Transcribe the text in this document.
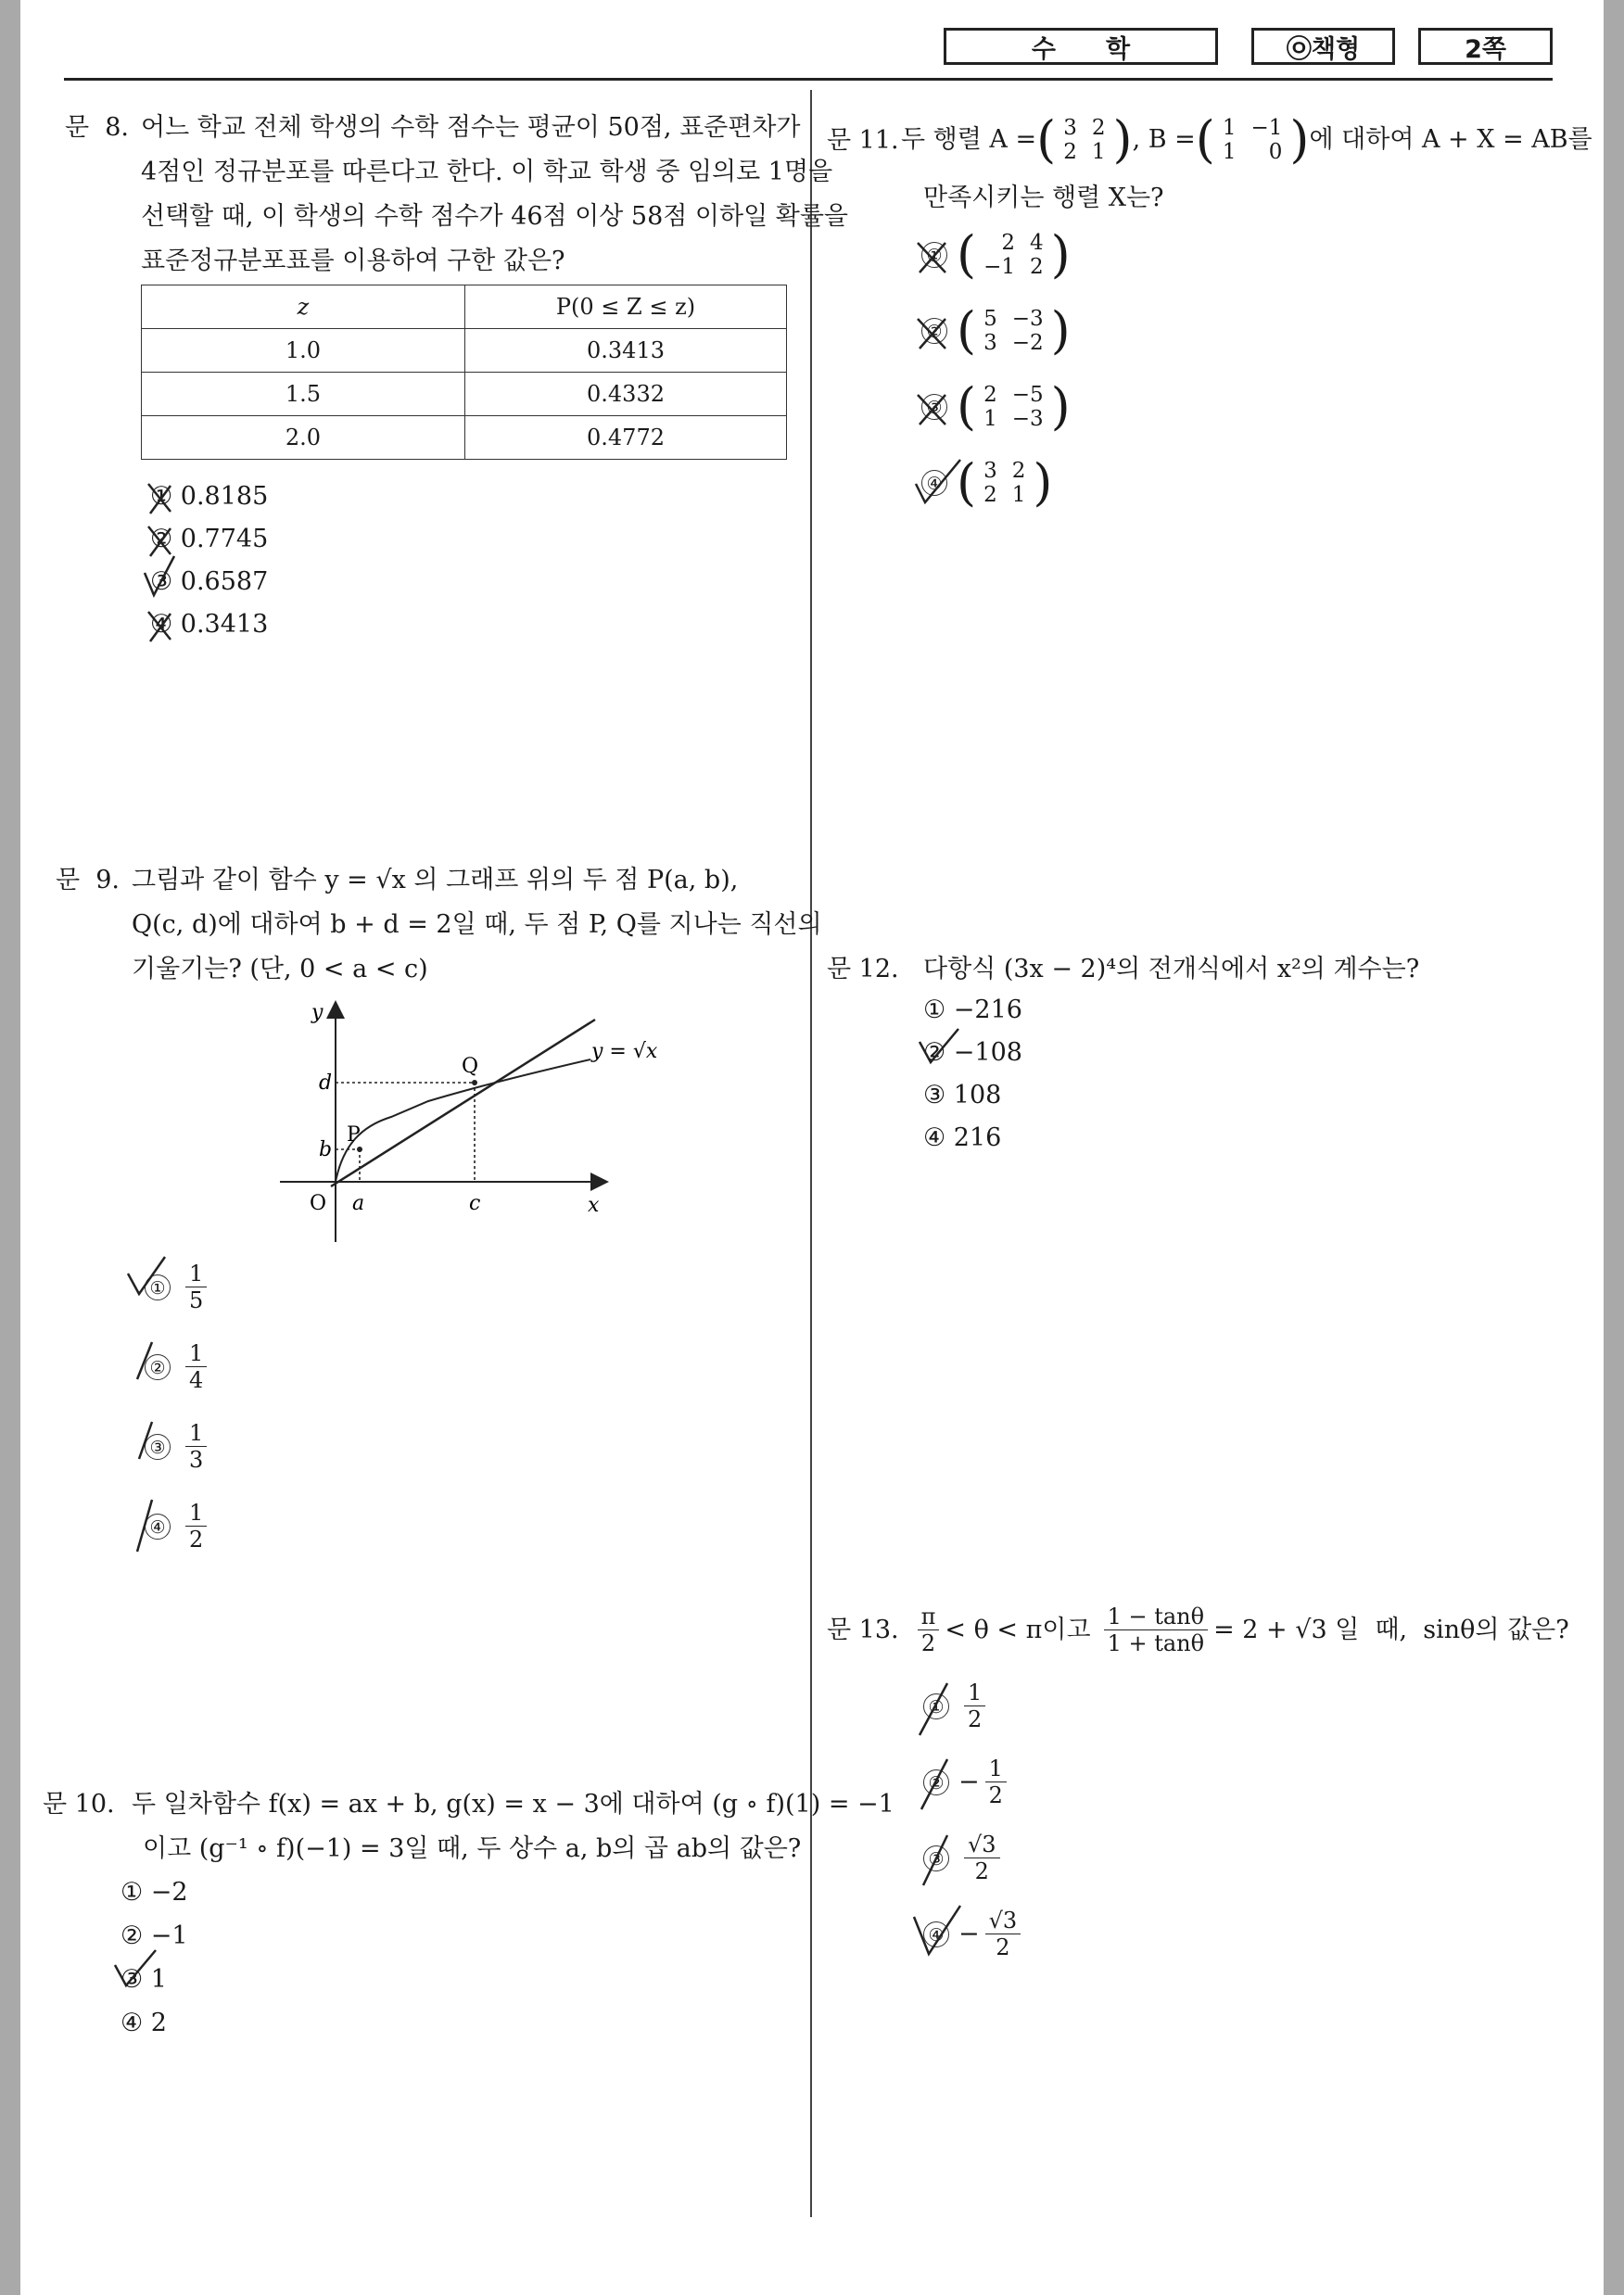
수　　학	㉧책형	2쪽
문  8. 어느 학교 전체 학생의 수학 점수는 평균이 50점, 표준편차가
4점인 정규분포를 따른다고 한다. 이 학교 학생 중 임의로 1명을
선택할 때, 이 학생의 수학 점수가 46점 이상 58점 이하일 확률을
표준정규분포표를 이용하여 구한 값은?
z	P(0 ≤ Z ≤ z)
1.0	0.3413
1.5	0.4332
2.0	0.4772
① 0.8185
② 0.7745
③ 0.6587
④ 0.3413
문  9. 그림과 같이 함수 y = √x 의 그래프 위의 두 점 P(a, b),
Q(c, d)에 대하여 b + d = 2일 때, 두 점 P, Q를 지나는 직선의
기울기는? (단, 0 < a < c)
y
x
O a	c
b
d
P
Q
y = √x
① $\frac{1}{5}$
② $\frac{1}{4}$
③ $\frac{1}{3}$
④ $\frac{1}{2}$
문 10. 두 일차함수 f(x) = ax + b, g(x) = x − 3에 대하여 (g ∘ f)(1) = −1
이고 (g⁻¹ ∘ f)(−1) = 3일 때, 두 상수 a, b의 곱 ab의 값은?
① −2
② −1
③ 1
④ 2
문 11. 두 행렬 A = ( 3	2
2	1 ) , B = ( 1	−1
1	0 ) 에 대하여 A + X = AB를
만족시키는 행렬 X는?
① ( 2	4
−1	2 )
② ( 5	−3
3	−2 )
③ ( 2	−5
1	−3 )
④ ( 3	2
2	1 )
문 12. 다항식 (3x − 2)⁴의 전개식에서 x²의 계수는?
① −216
② −108
③ 108
④ 216
문 13. $\frac{\pi}{2} < \theta < \pi$이고 $\frac{1 - \tan\theta}{1 + \tan\theta} = 2 + √3$ 일  때,  sinθ의 값은?
① $\frac{1}{2}$
② − $\frac{1}{2}$
③ $\frac{√3}{2}$
④ − $\frac{√3}{2}$
